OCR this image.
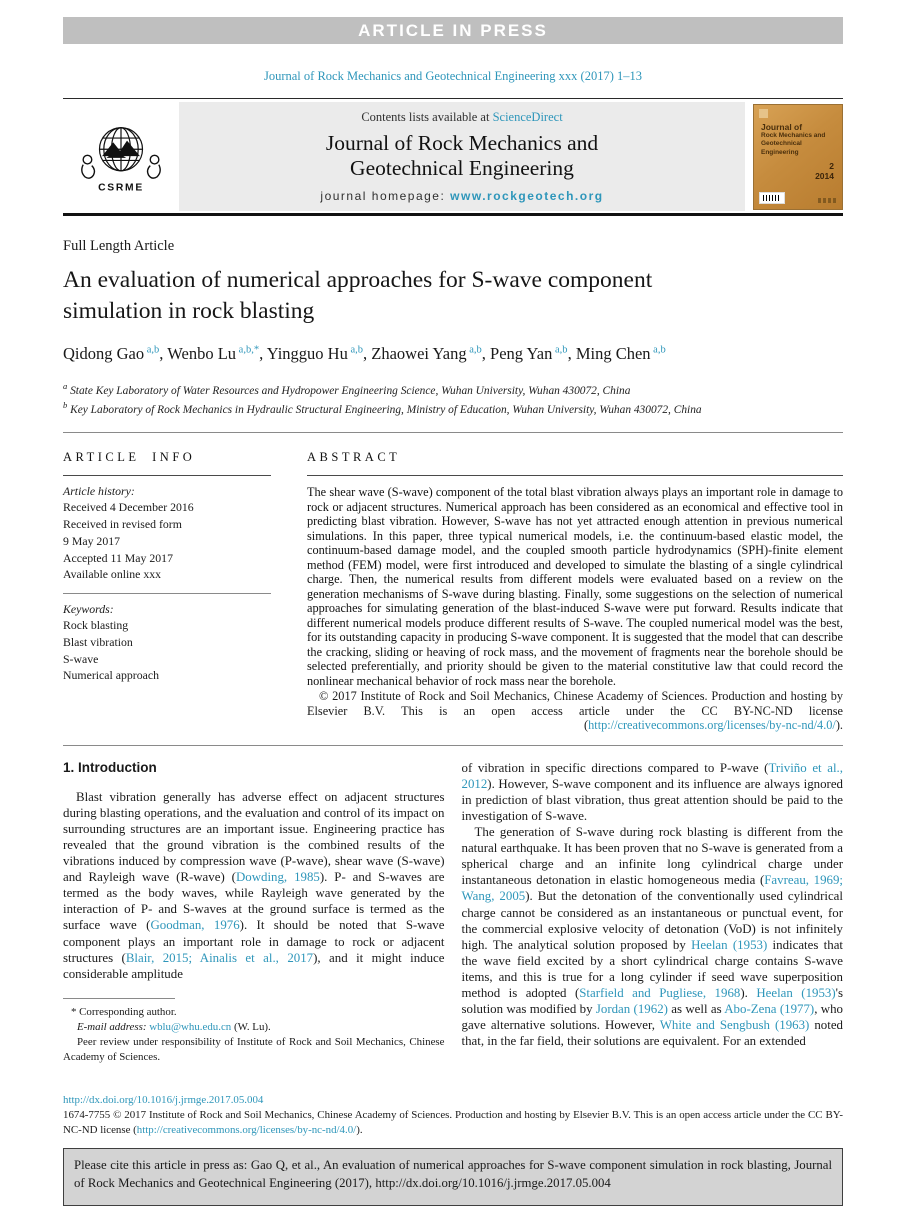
ARTICLE IN PRESS
Journal of Rock Mechanics and Geotechnical Engineering xxx (2017) 1–13
CSRME
Contents lists available at ScienceDirect
Journal of Rock Mechanics and
Geotechnical Engineering
journal homepage: www.rockgeotech.org
Journal of
Rock Mechanics and
Geotechnical
Engineering
2
2014
Full Length Article
An evaluation of numerical approaches for S-wave component simulation in rock blasting
Qidong Gao $^{a,b}$, Wenbo Lu $^{a,b,*}$, Yingguo Hu $^{a,b}$, Zhaowei Yang $^{a,b}$, Peng Yan $^{a,b}$, Ming Chen $^{a,b}$
$^a$ State Key Laboratory of Water Resources and Hydropower Engineering Science, Wuhan University, Wuhan 430072, China
$^b$ Key Laboratory of Rock Mechanics in Hydraulic Structural Engineering, Ministry of Education, Wuhan University, Wuhan 430072, China
ARTICLE INFO
Article history:
Received 4 December 2016
Received in revised form
9 May 2017
Accepted 11 May 2017
Available online xxx
Keywords:
Rock blasting
Blast vibration
S-wave
Numerical approach
ABSTRACT
The shear wave (S-wave) component of the total blast vibration always plays an important role in damage to rock or adjacent structures. Numerical approach has been considered as an economical and effective tool in predicting blast vibration. However, S-wave has not yet attracted enough attention in previous numerical simulations. In this paper, three typical numerical models, i.e. the continuum-based elastic model, the continuum-based damage model, and the coupled smooth particle hydrodynamics (SPH)-finite element method (FEM) model, were first introduced and developed to simulate the blasting of a single cylindrical charge. Then, the numerical results from different models were evaluated based on a review on the generation mechanisms of S-wave during blasting. Finally, some suggestions on the selection of numerical approaches for simulating generation of the blast-induced S-wave were put forward. Results indicate that different numerical models produce different results of S-wave. The coupled numerical model was the best, for its outstanding capacity in producing S-wave component. It is suggested that the model that can describe the cracking, sliding or heaving of rock mass, and the movement of fragments near the borehole should be selected preferentially, and priority should be given to the material constitutive law that could record the nonlinear mechanical behavior of rock mass near the borehole.
© 2017 Institute of Rock and Soil Mechanics, Chinese Academy of Sciences. Production and hosting by Elsevier B.V. This is an open access article under the CC BY-NC-ND license (http://creativecommons.org/licenses/by-nc-nd/4.0/).
1. Introduction

Blast vibration generally has adverse effect on adjacent structures during blasting operations, and the evaluation and control of its impact on surrounding structures are an important issue. Engineering practice has revealed that the ground vibration is the combined results of the vibrations induced by compression wave (P-wave), shear wave (S-wave) and Rayleigh wave (R-wave) (Dowding, 1985). P- and S-waves are termed as the body waves, while Rayleigh wave generated by the interaction of P- and S-waves at the ground surface is termed as the surface wave (Goodman, 1976). It should be noted that S-wave component plays an important role in damage to rock or adjacent structures (Blair, 2015; Ainalis et al., 2017), and it might induce considerable amplitude

* Corresponding author.
E-mail address: wblu@whu.edu.cn (W. Lu).
Peer review under responsibility of Institute of Rock and Soil Mechanics, Chinese Academy of Sciences.

of vibration in specific directions compared to P-wave (Triviño et al., 2012). However, S-wave component and its influence are always ignored in prediction of blast vibration, thus great attention should be paid to the investigation of S-wave.

The generation of S-wave during rock blasting is different from the natural earthquake. It has been proven that no S-wave is generated from a spherical charge and an infinite long cylindrical charge under instantaneous detonation in elastic homogeneous media (Favreau, 1969; Wang, 2005). But the detonation of the conventionally used cylindrical charge cannot be considered as an instantaneous or punctual event, for the commercial explosive velocity of detonation (VoD) is not infinitely high. The analytical solution proposed by Heelan (1953) indicates that the wave field excited by a short cylindrical charge contains S-wave items, and this is true for a long cylinder if seed wave superposition method is adopted (Starfield and Pugliese, 1968). Heelan (1953)'s solution was modified by Jordan (1962) as well as Abo-Zena (1977), who gave alternative solutions. However, White and Sengbush (1963) noted that, in the far field, their solutions are equivalent. For an extended

http://dx.doi.org/10.1016/j.jrmge.2017.05.004
1674-7755 © 2017 Institute of Rock and Soil Mechanics, Chinese Academy of Sciences. Production and hosting by Elsevier B.V. This is an open access article under the CC BY-NC-ND license (http://creativecommons.org/licenses/by-nc-nd/4.0/).
Please cite this article in press as: Gao Q, et al., An evaluation of numerical approaches for S-wave component simulation in rock blasting, Journal of Rock Mechanics and Geotechnical Engineering (2017), http://dx.doi.org/10.1016/j.jrmge.2017.05.004
